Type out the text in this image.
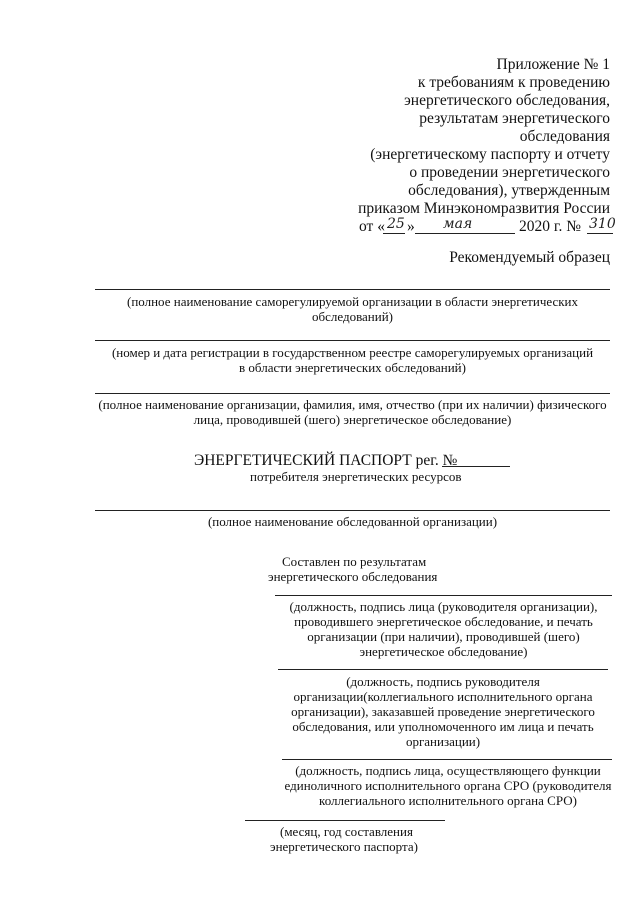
Приложение № 1
к требованиям к проведению
энергетического обследования,
результатам энергетического
обследования
(энергетическому паспорту и отчету
о проведении энергетического
обследования), утвержденным
приказом Минэкономразвития России
от « 25 » мая	2020 г. № 310
Рекомендуемый образец
(полное наименование саморегулируемой организации в области энергетических
обследований)
(номер и дата регистрации в государственном реестре саморегулируемых организаций
в области энергетических обследований)
(полное наименование организации, фамилия, имя, отчество (при их наличии) физического
лица, проводившей (шего) энергетическое обследование)
ЭНЕРГЕТИЧЕСКИЙ ПАСПОРТ рег. №
потребителя энергетических ресурсов
(полное наименование обследованной организации)
Составлен по результатам
энергетического обследования
(должность, подпись лица (руководителя организации),
проводившего энергетическое обследование, и печать
организации (при наличии), проводившей (шего)
энергетическое обследование)
(должность, подпись руководителя
организации(коллегиального исполнительного органа
организации), заказавшей проведение энергетического
обследования, или уполномоченного им лица и печать
организации)
(должность, подпись лица, осуществляющего функции
единоличного исполнительного органа СРО (руководителя
коллегиального исполнительного органа СРО)
(месяц, год составления
энергетического паспорта)
